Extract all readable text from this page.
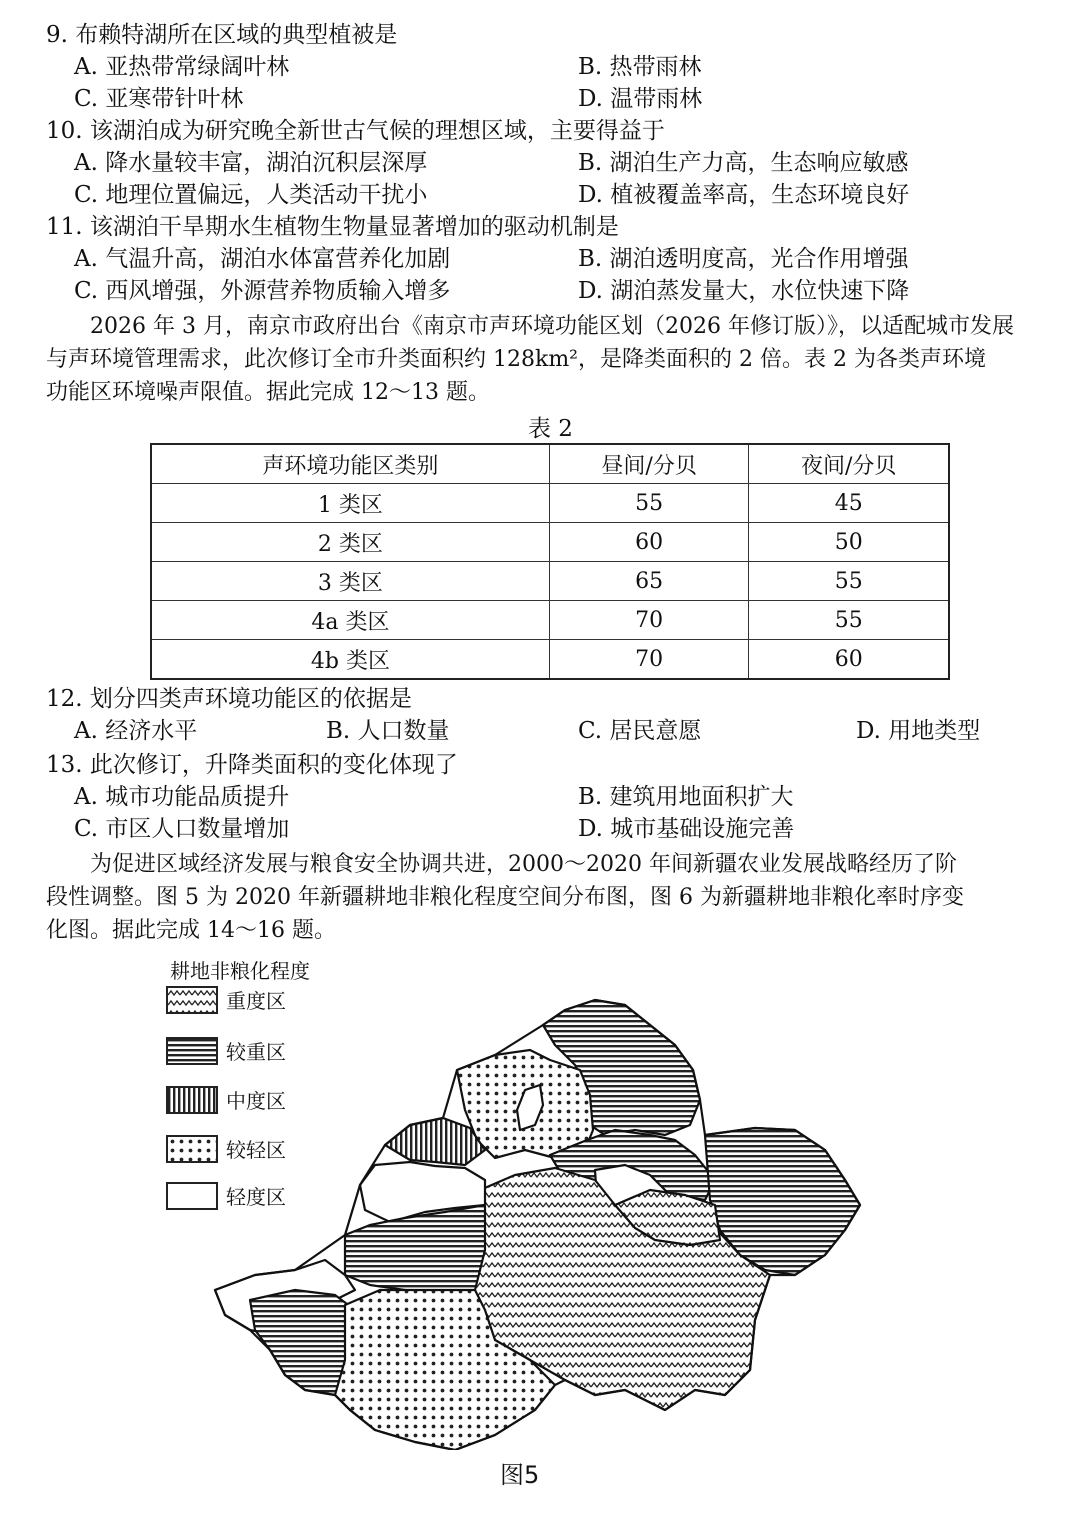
9. 布赖特湖所在区域的典型植被是
A. 亚热带常绿阔叶林	B. 热带雨林
C. 亚寒带针叶林	D. 温带雨林
10. 该湖泊成为研究晚全新世古气候的理想区域，主要得益于
A. 降水量较丰富，湖泊沉积层深厚	B. 湖泊生产力高，生态响应敏感
C. 地理位置偏远，人类活动干扰小	D. 植被覆盖率高，生态环境良好
11. 该湖泊干旱期水生植物生物量显著增加的驱动机制是
A. 气温升高，湖泊水体富营养化加剧	B. 湖泊透明度高，光合作用增强
C. 西风增强，外源营养物质输入增多	D. 湖泊蒸发量大，水位快速下降
　　2026 年 3 月，南京市政府出台《南京市声环境功能区划（2026 年修订版）》，以适配城市发展
与声环境管理需求，此次修订全市升类面积约 128km²，是降类面积的 2 倍。表 2 为各类声环境
功能区环境噪声限值。据此完成 12～13 题。
表 2
声环境功能区类别	昼间/分贝	夜间/分贝
1 类区	55	45
2 类区	60	50
3 类区	65	55
4a 类区	70	55
4b 类区	70	60
12. 划分四类声环境功能区的依据是
A. 经济水平	B. 人口数量	C. 居民意愿	D. 用地类型
13. 此次修订，升降类面积的变化体现了
A. 城市功能品质提升	B. 建筑用地面积扩大
C. 市区人口数量增加	D. 城市基础设施完善
　　为促进区域经济发展与粮食安全协调共进，2000～2020 年间新疆农业发展战略经历了阶
段性调整。图 5 为 2020 年新疆耕地非粮化程度空间分布图，图 6 为新疆耕地非粮化率时序变
化图。据此完成 14～16 题。
耕地非粮化程度
重度区
较重区
中度区
较轻区
轻度区
图5
